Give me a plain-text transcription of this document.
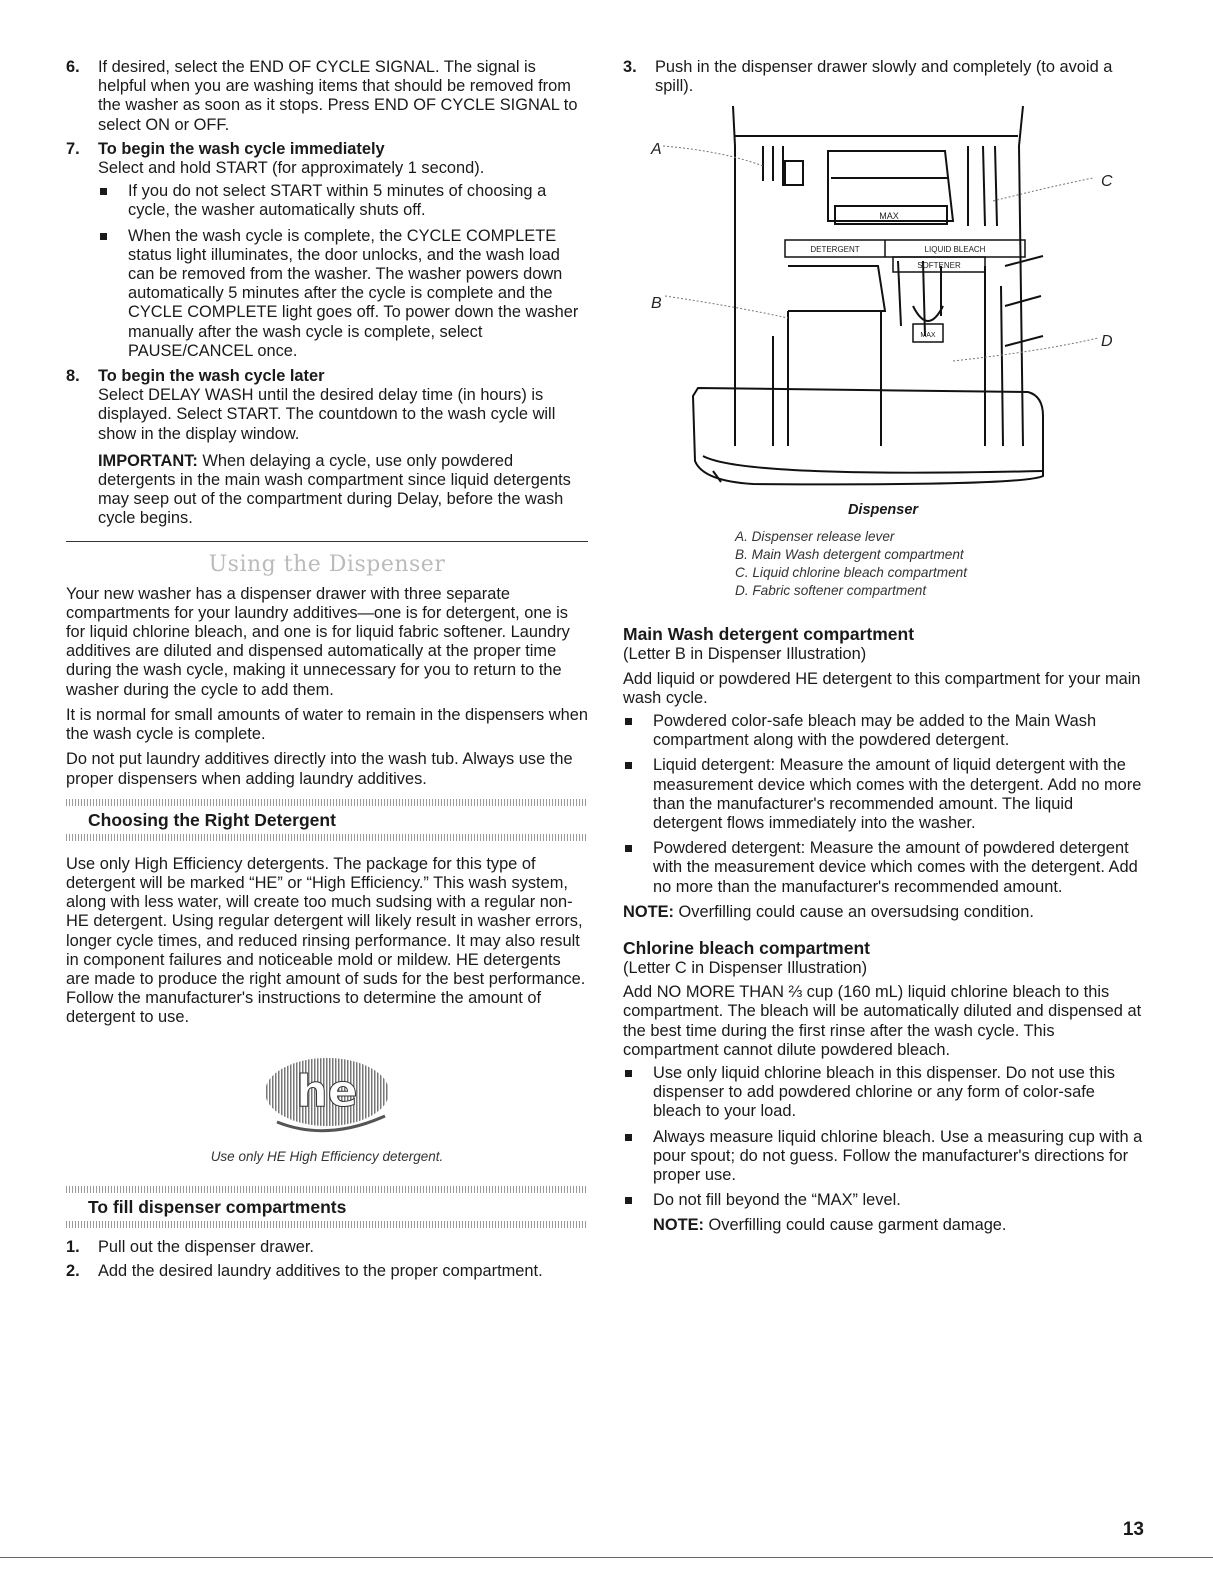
6. If desired, select the END OF CYCLE SIGNAL. The signal is helpful when you are washing items that should be removed from the washer as soon as it stops. Press END OF CYCLE SIGNAL to select ON or OFF.

7. To begin the wash cycle immediately

Select and hold START (for approximately 1 second).

If you do not select START within 5 minutes of choosing a cycle, the washer automatically shuts off.
When the wash cycle is complete, the CYCLE COMPLETE status light illuminates, the door unlocks, and the wash load can be removed from the washer. The washer powers down automatically 5 minutes after the cycle is complete and the CYCLE COMPLETE light goes off. To power down the washer manually after the wash cycle is complete, select PAUSE/CANCEL once.
8. To begin the wash cycle later

Select DELAY WASH until the desired delay time (in hours) is displayed. Select START. The countdown to the wash cycle will show in the display window.

IMPORTANT: When delaying a cycle, use only powdered detergents in the main wash compartment since liquid detergents may seep out of the compartment during Delay, before the wash cycle begins.

Using the Dispenser

Your new washer has a dispenser drawer with three separate compartments for your laundry additives—one is for detergent, one is for liquid chlorine bleach, and one is for liquid fabric softener. Laundry additives are diluted and dispensed automatically at the proper time during the wash cycle, making it unnecessary for you to return to the washer during the cycle to add them.

It is normal for small amounts of water to remain in the dispensers when the wash cycle is complete.

Do not put laundry additives directly into the wash tub. Always use the proper dispensers when adding laundry additives.

Choosing the Right Detergent

Use only High Efficiency detergents. The package for this type of detergent will be marked “HE” or “High Efficiency.” This wash system, along with less water, will create too much sudsing with a regular non-HE detergent. Using regular detergent will likely result in washer errors, longer cycle times, and reduced rinsing performance. It may also result in component failures and noticeable mold or mildew. HE detergents are made to produce the right amount of suds for the best performance. Follow the manufacturer's instructions to determine the amount of detergent to use.

he
Use only HE High Efficiency detergent.
To fill dispenser compartments
1. Pull out the dispenser drawer.

2. Add the desired laundry additives to the proper compartment.

3. Push in the dispenser drawer slowly and completely (to avoid a spill).

A
B
C
D
MAX
DETERGENT	LIQUID BLEACH
SOFTENER
MAX
Dispenser

A. Dispenser release lever

B. Main Wash detergent compartment

C. Liquid chlorine bleach compartment

D. Fabric softener compartment

Main Wash detergent compartment

(Letter B in Dispenser Illustration)

Add liquid or powdered HE detergent to this compartment for your main wash cycle.

Powdered color-safe bleach may be added to the Main Wash compartment along with the powdered detergent.
Liquid detergent: Measure the amount of liquid detergent with the measurement device which comes with the detergent. Add no more than the manufacturer's recommended amount. The liquid detergent flows immediately into the washer.
Powdered detergent: Measure the amount of powdered detergent with the measurement device which comes with the detergent. Add no more than the manufacturer's recommended amount.

NOTE: Overfilling could cause an oversudsing condition.

Chlorine bleach compartment

(Letter C in Dispenser Illustration)

Add NO MORE THAN ⅔ cup (160 mL) liquid chlorine bleach to this compartment. The bleach will be automatically diluted and dispensed at the best time during the first rinse after the wash cycle. This compartment cannot dilute powdered bleach.

Use only liquid chlorine bleach in this dispenser. Do not use this dispenser to add powdered chlorine or any form of color-safe bleach to your load.
Always measure liquid chlorine bleach. Use a measuring cup with a pour spout; do not guess. Follow the manufacturer's directions for proper use.
Do not fill beyond the “MAX” level.

NOTE: Overfilling could cause garment damage.

13
